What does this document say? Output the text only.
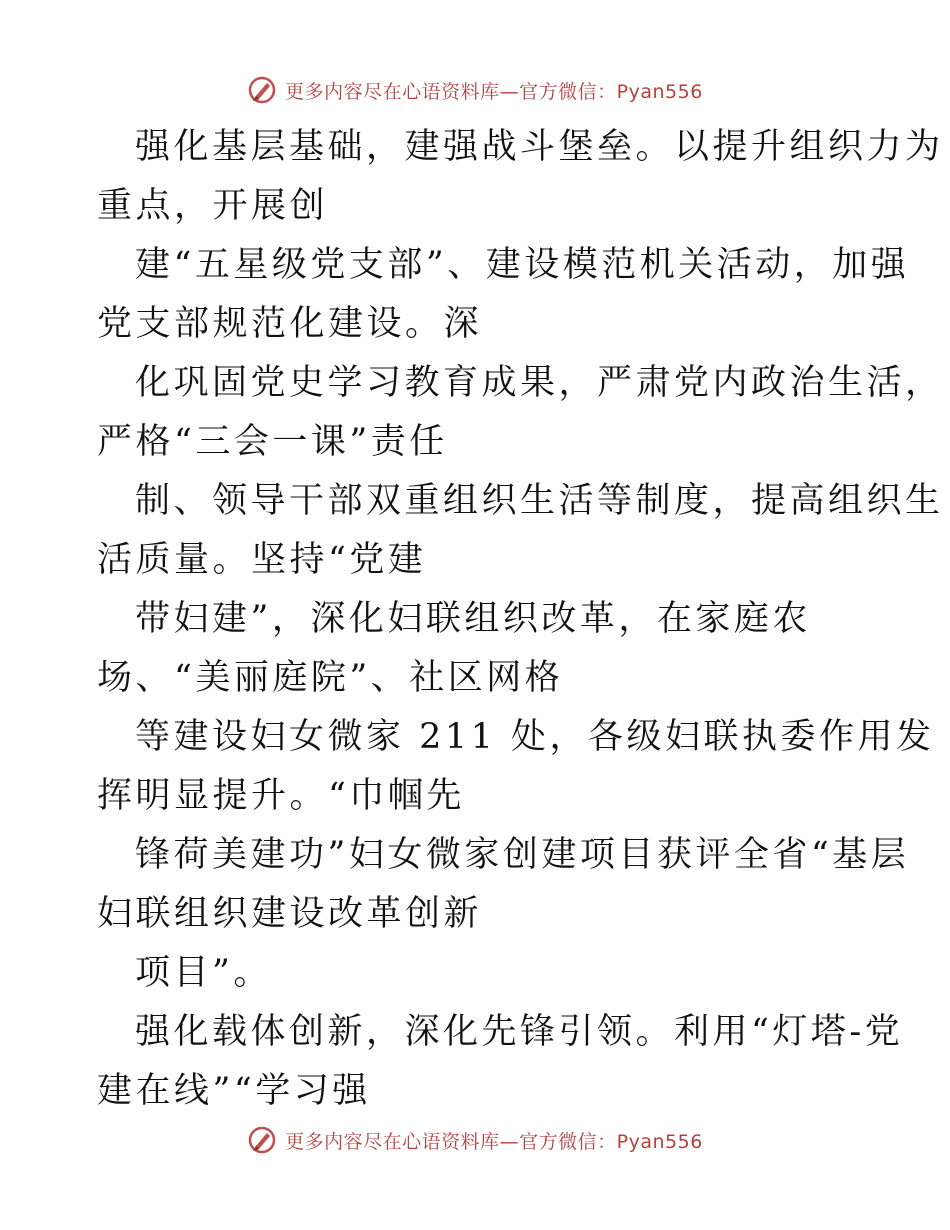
更多内容尽在心语资料库—官方微信：Pyan556
强化基层基础，建强战斗堡垒。以提升组织力为
重点，开展创
建“五星级党支部”、建设模范机关活动，加强
党支部规范化建设。深
化巩固党史学习教育成果，严肃党内政治生活，
严格“三会一课”责任
制、领导干部双重组织生活等制度，提高组织生
活质量。坚持“党建
带妇建”，深化妇联组织改革，在家庭农
场、“美丽庭院”、社区网格
等建设妇女微家 211 处，各级妇联执委作用发
挥明显提升。“巾帼先
锋荷美建功”妇女微家创建项目获评全省“基层
妇联组织建设改革创新
项目”。
强化载体创新，深化先锋引领。利用“灯塔-党
建在线”“学习强
更多内容尽在心语资料库—官方微信：Pyan556
